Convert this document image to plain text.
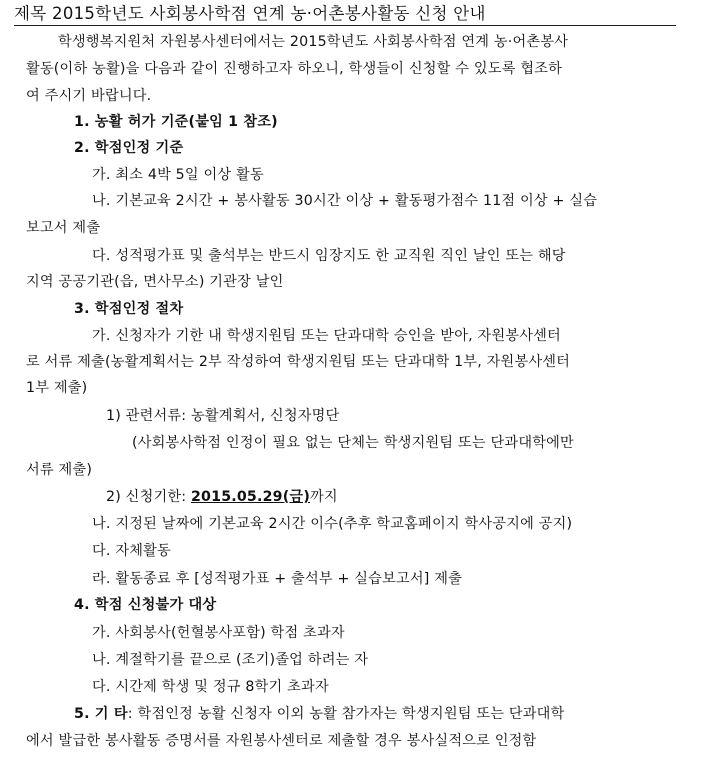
제목 2015학년도 사회봉사학점 연계 농·어촌봉사활동 신청 안내
학생행복지원처 자원봉사센터에서는 2015학년도 사회봉사학점 연계 농·어촌봉사
활동(이하 농활)을 다음과 같이 진행하고자 하오니, 학생들이 신청할 수 있도록 협조하
여 주시기 바랍니다.
1. 농활 허가 기준(붙임 1 참조)
2. 학점인정 기준
가. 최소 4박 5일 이상 활동
나. 기본교육 2시간 + 봉사활동 30시간 이상 + 활동평가점수 11점 이상 + 실습
보고서 제출
다. 성적평가표 및 출석부는 반드시 임장지도 한 교직원 직인 날인 또는 해당
지역 공공기관(읍, 면사무소) 기관장 날인
3. 학점인정 절차
가. 신청자가 기한 내 학생지원팀 또는 단과대학 승인을 받아, 자원봉사센터
로 서류 제출(농활계획서는 2부 작성하여 학생지원팀 또는 단과대학 1부, 자원봉사센터
1부 제출)
1) 관련서류: 농활계획서, 신청자명단
(사회봉사학점 인정이 필요 없는 단체는 학생지원팀 또는 단과대학에만
서류 제출)
2) 신청기한: 2015.05.29(금)까지
나. 지정된 날짜에 기본교육 2시간 이수(추후 학교홈페이지 학사공지에 공지)
다. 자체활동
라. 활동종료 후 [성적평가표 + 출석부 + 실습보고서] 제출
4. 학점 신청불가 대상
가. 사회봉사(헌혈봉사포함) 학점 초과자
나. 계절학기를 끝으로 (조기)졸업 하려는 자
다. 시간제 학생 및 정규 8학기 초과자
5. 기 타: 학점인정 농활 신청자 이외 농활 참가자는 학생지원팀 또는 단과대학
에서 발급한 봉사활동 증명서를 자원봉사센터로 제출할 경우 봉사실적으로 인정함
